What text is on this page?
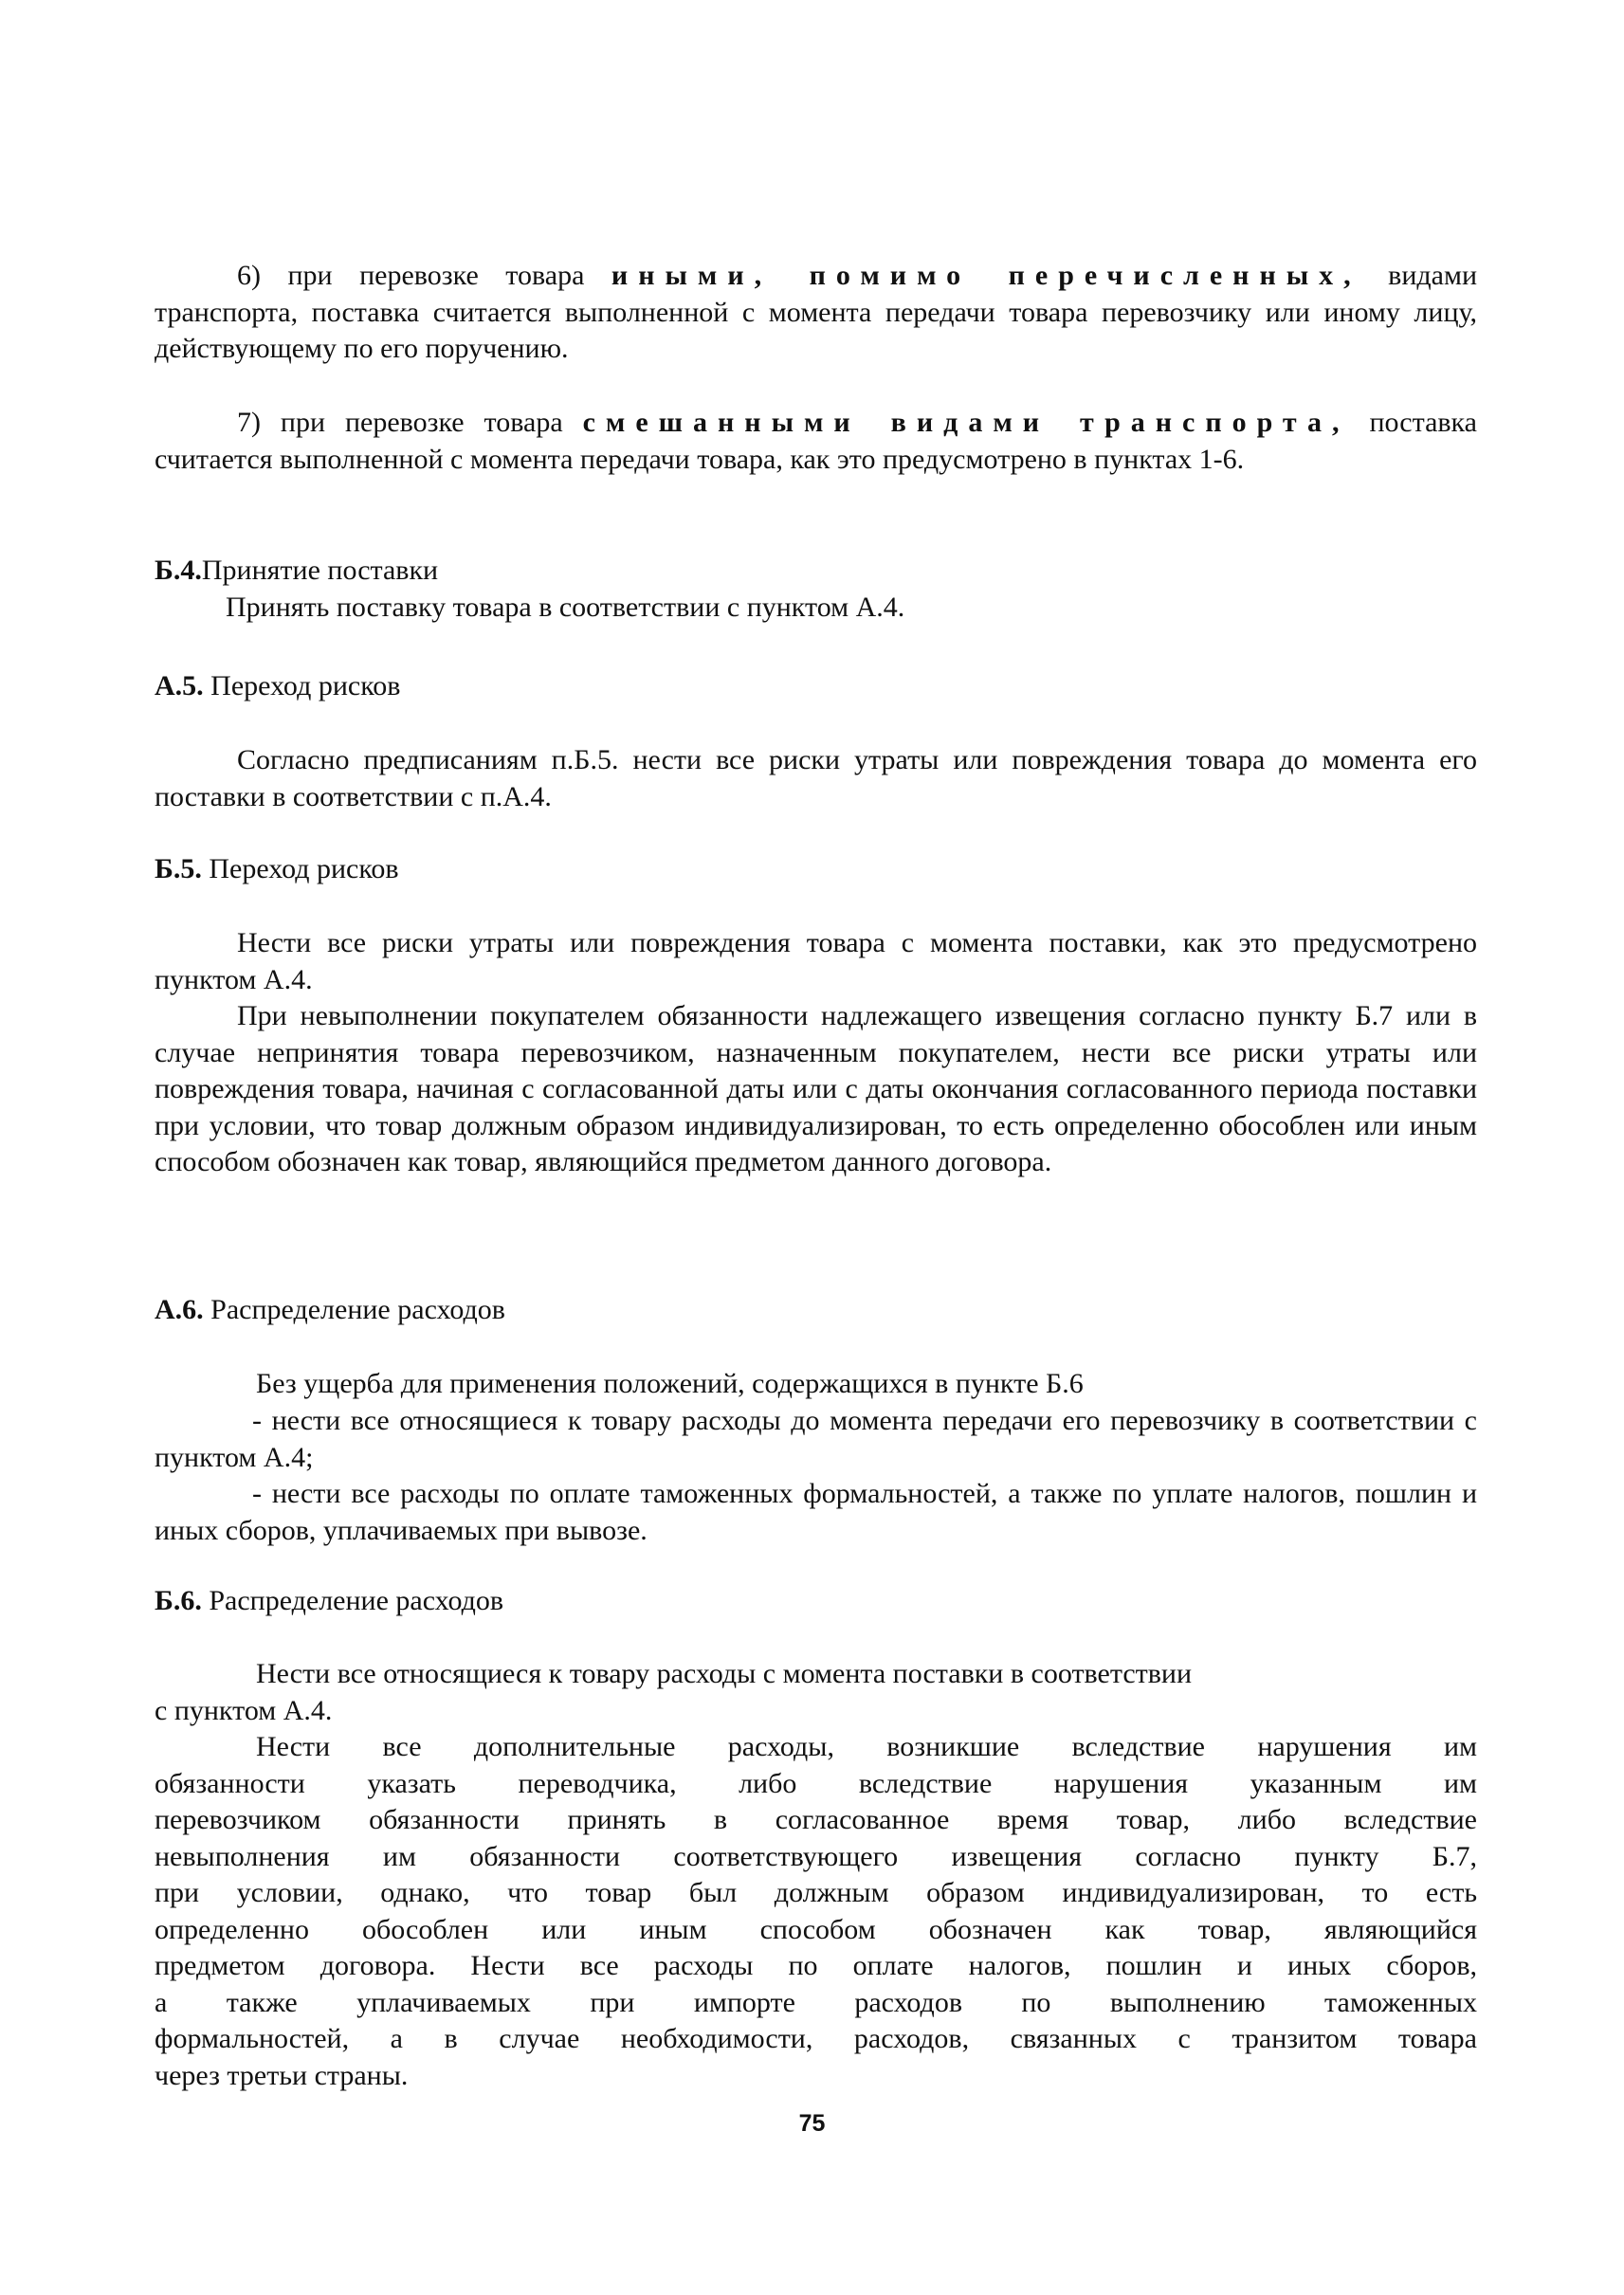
6) при перевозке товара иными, помимо перечисленных, видами транспорта, поставка считается выполненной с момента передачи товара перевозчику или иному лицу, действующему по его поручению.

7) при перевозке товара смешанными видами транспорта, поставка считается выполненной с момента передачи товара, как это предусмотрено в пунктах 1-6.

Б.4.Принятие поставки

Принять поставку товара в соответствии с пунктом А.4.

А.5. Переход рисков

Согласно предписаниям п.Б.5. нести все риски утраты или повреждения товара до момента его поставки в соответствии с п.А.4.

Б.5. Переход рисков

Нести все риски утраты или повреждения товара с момента поставки, как это предусмотрено пунктом А.4.

При невыполнении покупателем обязанности надлежащего извещения согласно пункту Б.7 или в случае непринятия товара перевозчиком, назначенным покупателем, нести все риски утраты или повреждения товара, начиная с согласованной даты или с даты окончания согласованного периода поставки при условии, что товар должным образом индивидуализирован, то есть определенно обособлен или иным способом обозначен как товар, являющийся предметом данного договора.

А.6. Распределение расходов

Без ущерба для применения положений, содержащихся в пункте Б.6

- нести все относящиеся к товару расходы до момента передачи его перевозчику в соответствии с пунктом А.4;

- нести все расходы по оплате таможенных формальностей, а также по уплате налогов, пошлин и иных сборов, уплачиваемых при вывозе.

Б.6. Распределение расходов

Нести все относящиеся к товару расходы с момента поставки в соответствии
с пунктом А.4.

Нести все дополнительные расходы, возникшие вследствие нарушения им
обязанности указать переводчика, либо вследствие нарушения указанным им
перевозчиком обязанности принять в согласованное время товар, либо вследствие
невыполнения им обязанности соответствующего извещения согласно пункту Б.7,
при условии, однако, что товар был должным образом индивидуализирован, то есть
определенно обособлен или иным способом обозначен как товар, являющийся
предметом договора. Нести все расходы по оплате налогов, пошлин и иных сборов,
а также уплачиваемых при импорте расходов по выполнению таможенных
формальностей, а в случае необходимости, расходов, связанных с транзитом товара
через третьи страны.
75
